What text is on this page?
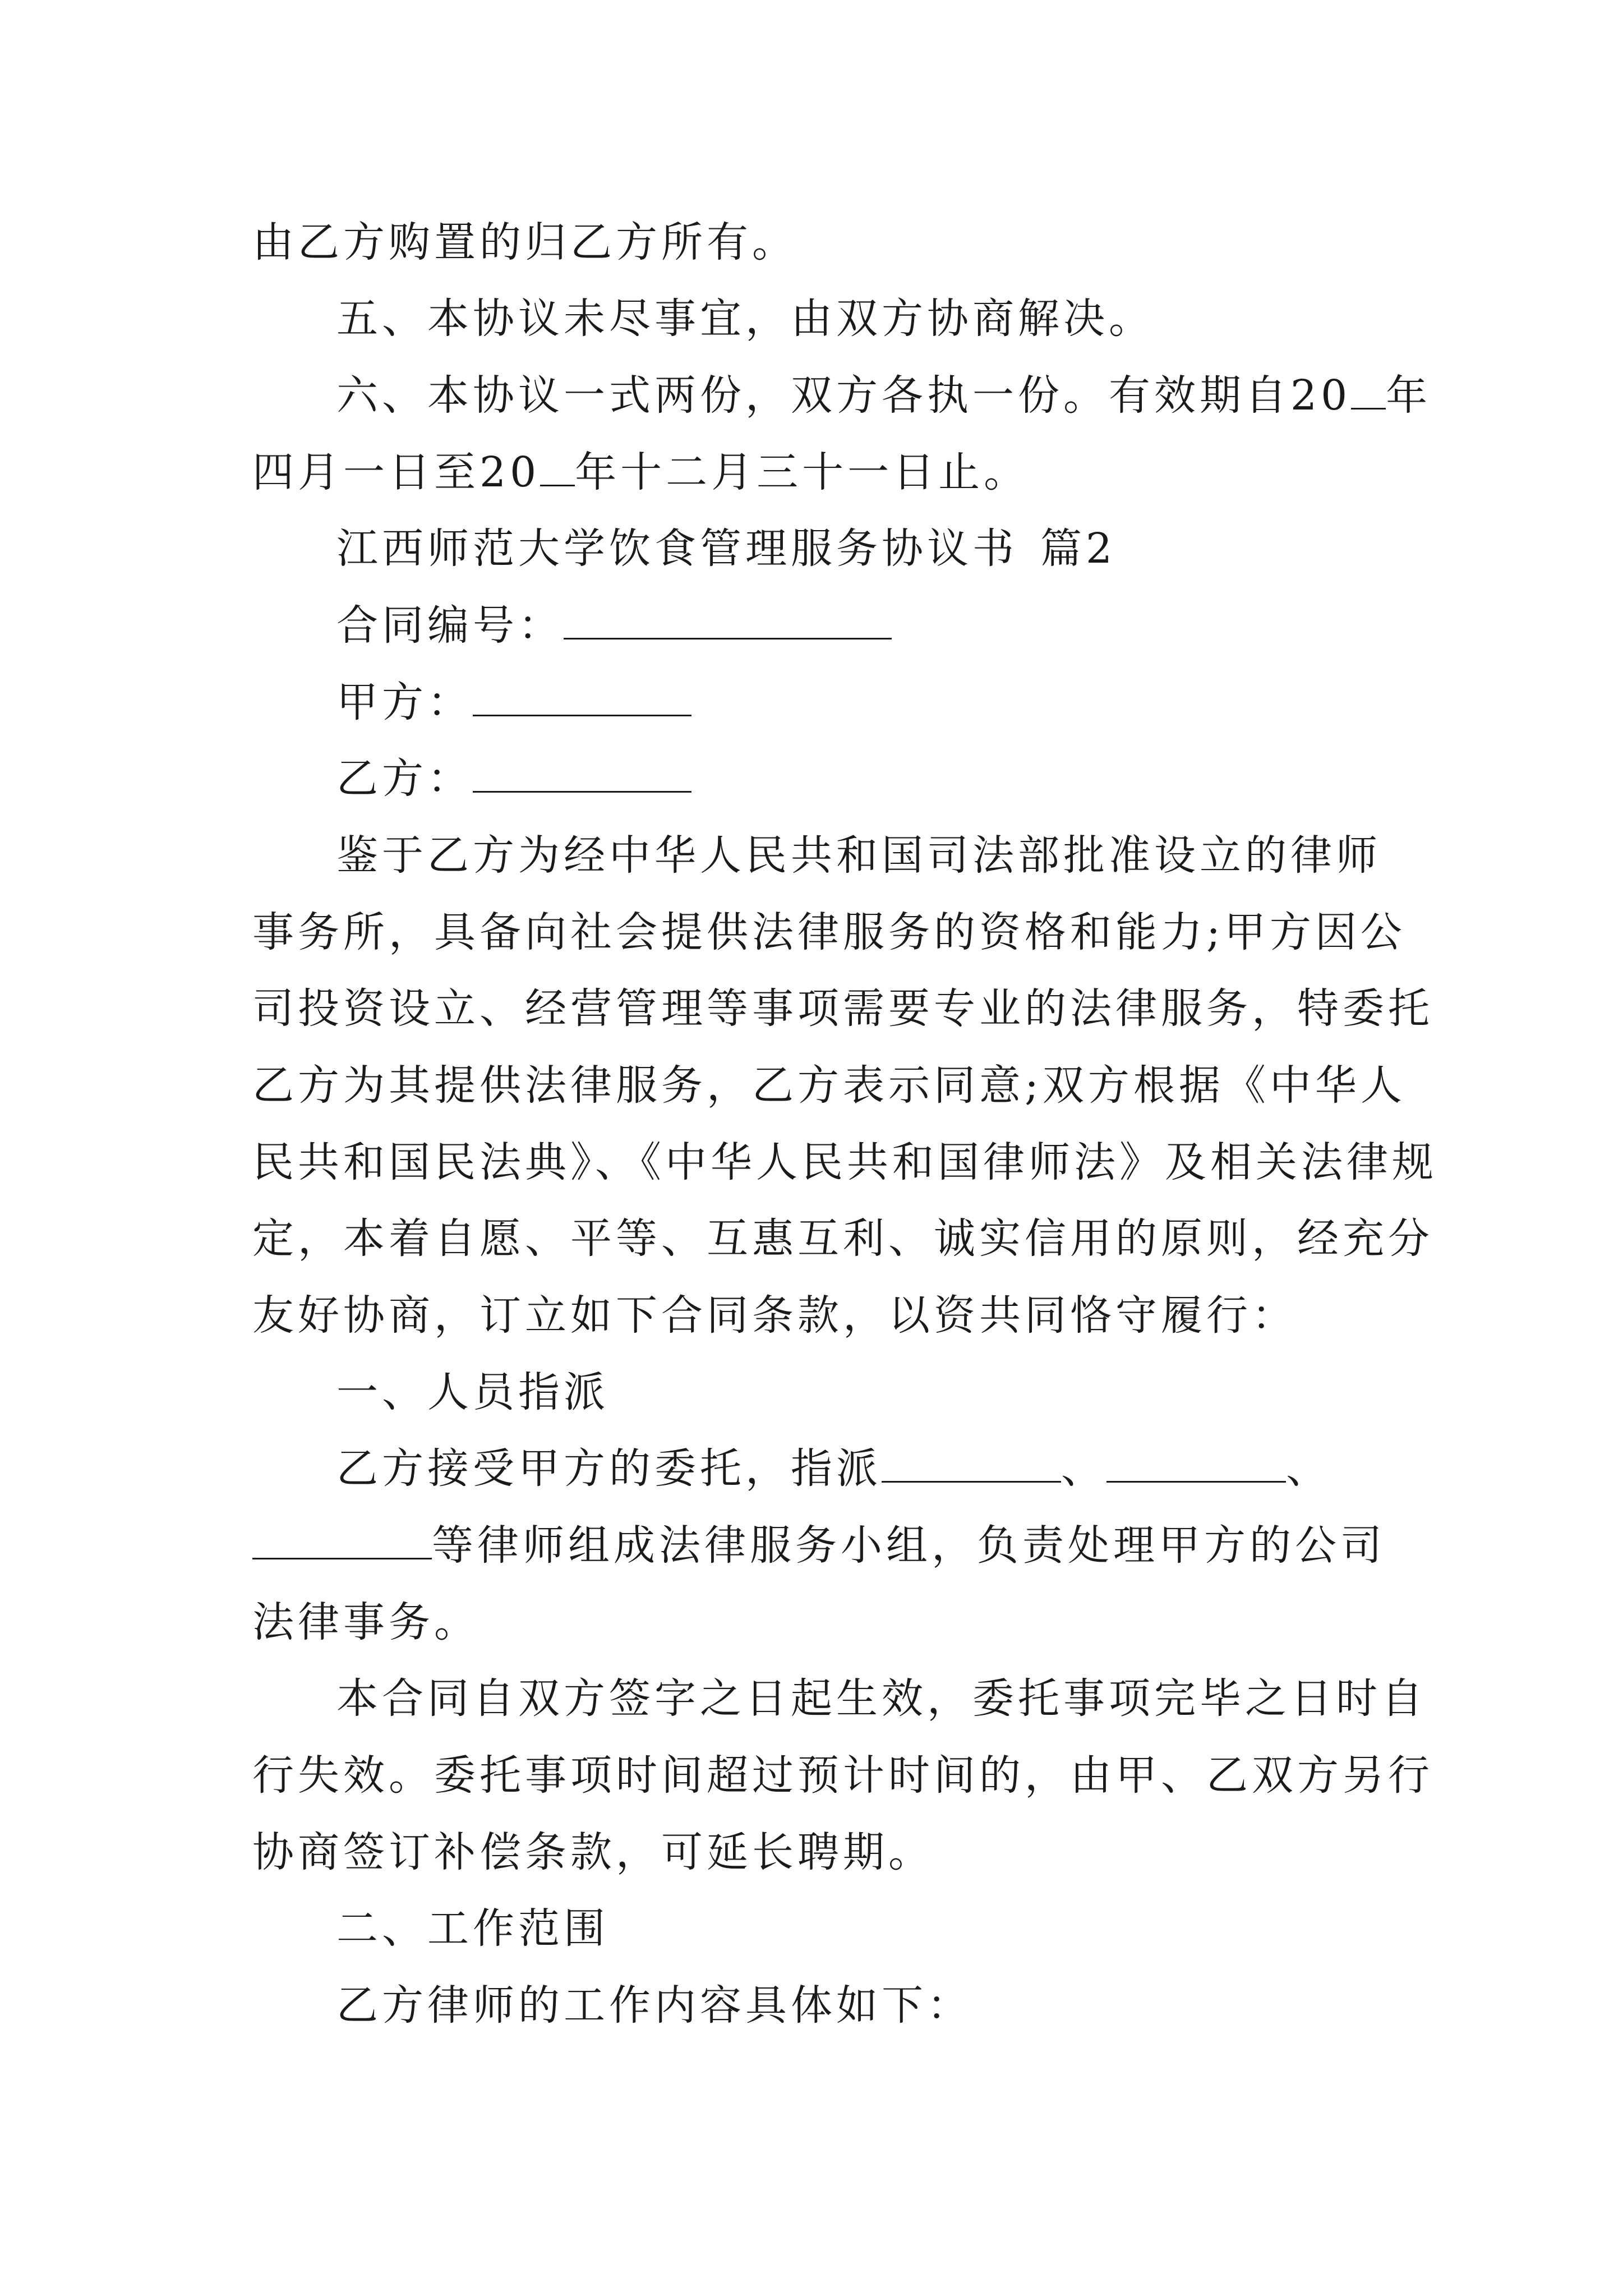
由乙方购置的归乙方所有。
五、本协议未尽事宜，由双方协商解决。
六、本协议一式两份，双方各执一份。有效期自20 年
四月一日至20 年十二月三十一日止。
江西师范大学饮食管理服务协议书 篇2
合同编号：
甲方：
乙方：
鉴于乙方为经中华人民共和国司法部批准设立的律师
事务所，具备向社会提供法律服务的资格和能力;甲方因公
司投资设立、经营管理等事项需要专业的法律服务，特委托
乙方为其提供法律服务，乙方表示同意;双方根据《中华人
民共和国民法典》、《中华人民共和国律师法》及相关法律规
定，本着自愿、平等、互惠互利、诚实信用的原则，经充分
友好协商，订立如下合同条款，以资共同恪守履行：
一、人员指派
乙方接受甲方的委托，指派	、	、
等律师组成法律服务小组，负责处理甲方的公司
法律事务。
本合同自双方签字之日起生效，委托事项完毕之日时自
行失效。委托事项时间超过预计时间的，由甲、乙双方另行
协商签订补偿条款，可延长聘期。
二、工作范围
乙方律师的工作内容具体如下：
